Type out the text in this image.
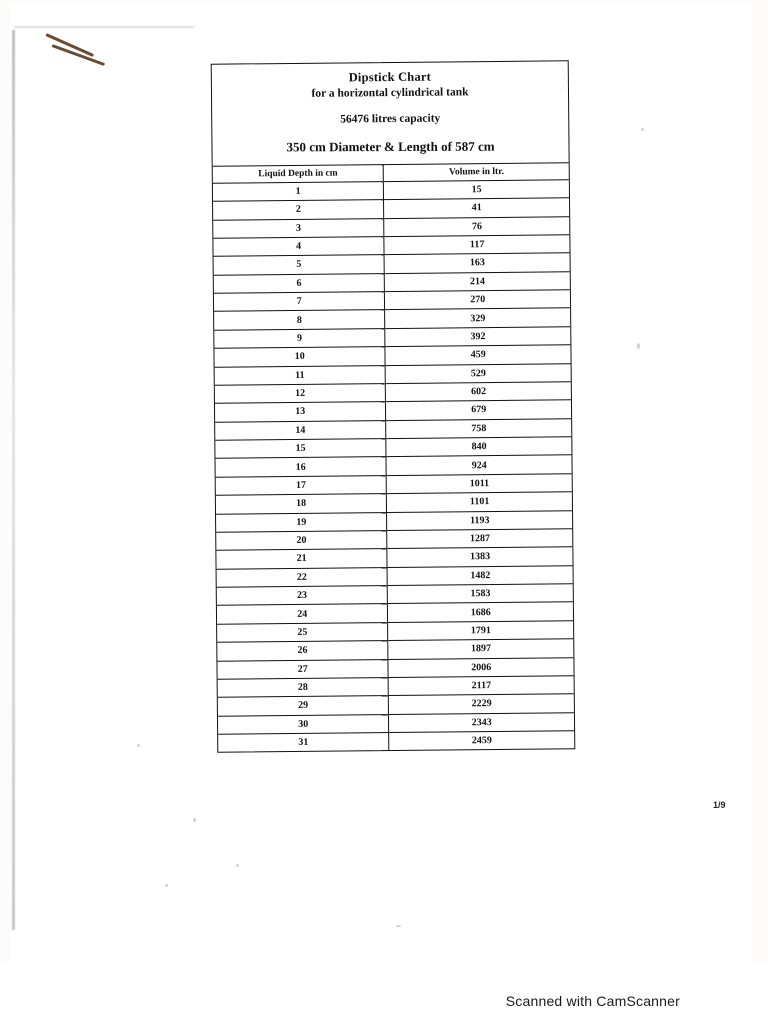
Dipstick Chart
for a horizontal cylindrical tank
56476 litres capacity
350 cm Diameter & Length of 587 cm
Liquid Depth in cm	Volume in ltr.
1	15
2	41
3	76
4	117
5	163
6	214
7	270
8	329
9	392
10	459
11	529
12	602
13	679
14	758
15	840
16	924
17	1011
18	1101
19	1193
20	1287
21	1383
22	1482
23	1583
24	1686
25	1791
26	1897
27	2006
28	2117
29	2229
30	2343
31	2459
1/9
Scanned with CamScanner
